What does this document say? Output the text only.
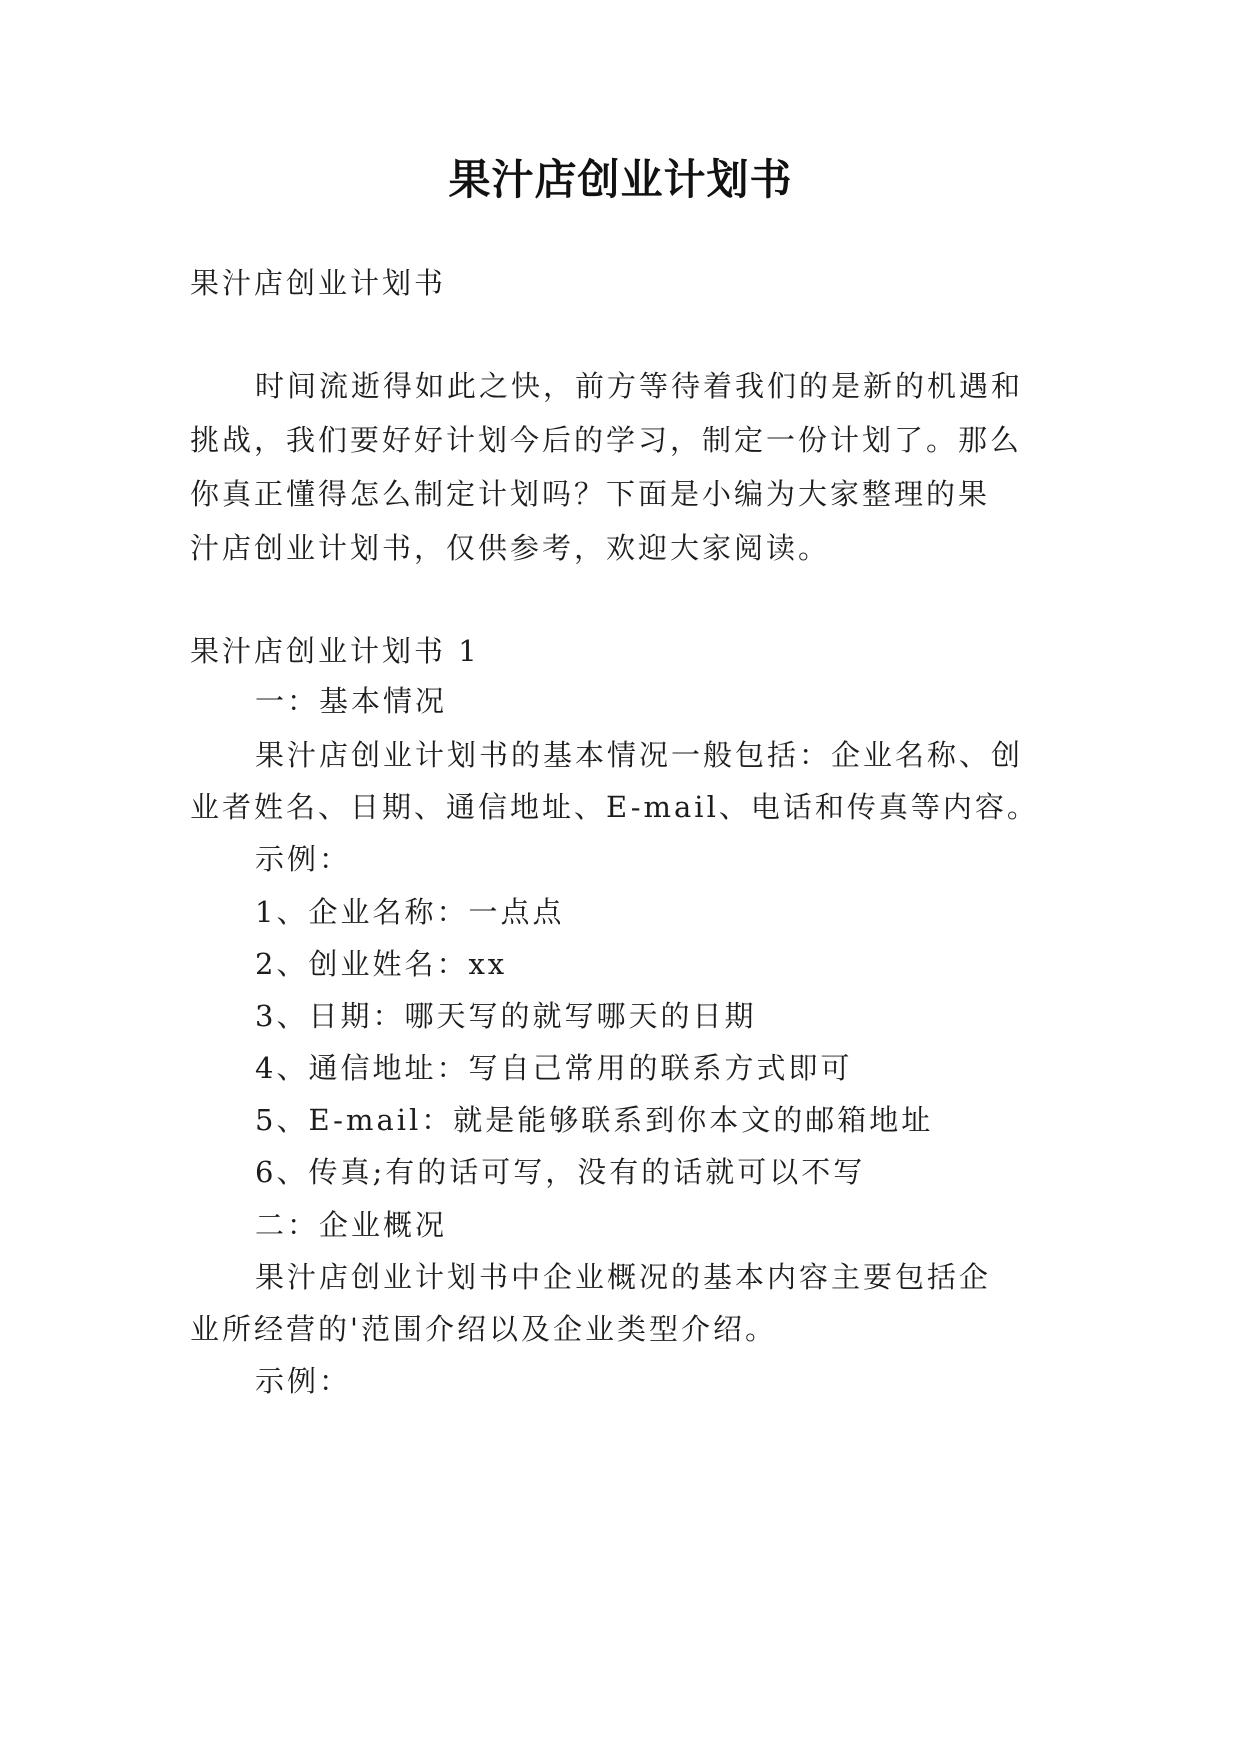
果汁店创业计划书
果汁店创业计划书
时间流逝得如此之快，前方等待着我们的是新的机遇和
挑战，我们要好好计划今后的学习，制定一份计划了。那么
你真正懂得怎么制定计划吗？下面是小编为大家整理的果
汁店创业计划书，仅供参考，欢迎大家阅读。
果汁店创业计划书 1
一：基本情况
果汁店创业计划书的基本情况一般包括：企业名称、创
业者姓名、日期、通信地址、E-mail、电话和传真等内容。
示例：
1、企业名称：一点点
2、创业姓名：xx
3、日期：哪天写的就写哪天的日期
4、通信地址：写自己常用的联系方式即可
5、E-mail：就是能够联系到你本文的邮箱地址
6、传真;有的话可写，没有的话就可以不写
二：企业概况
果汁店创业计划书中企业概况的基本内容主要包括企
业所经营的'范围介绍以及企业类型介绍。
示例：
